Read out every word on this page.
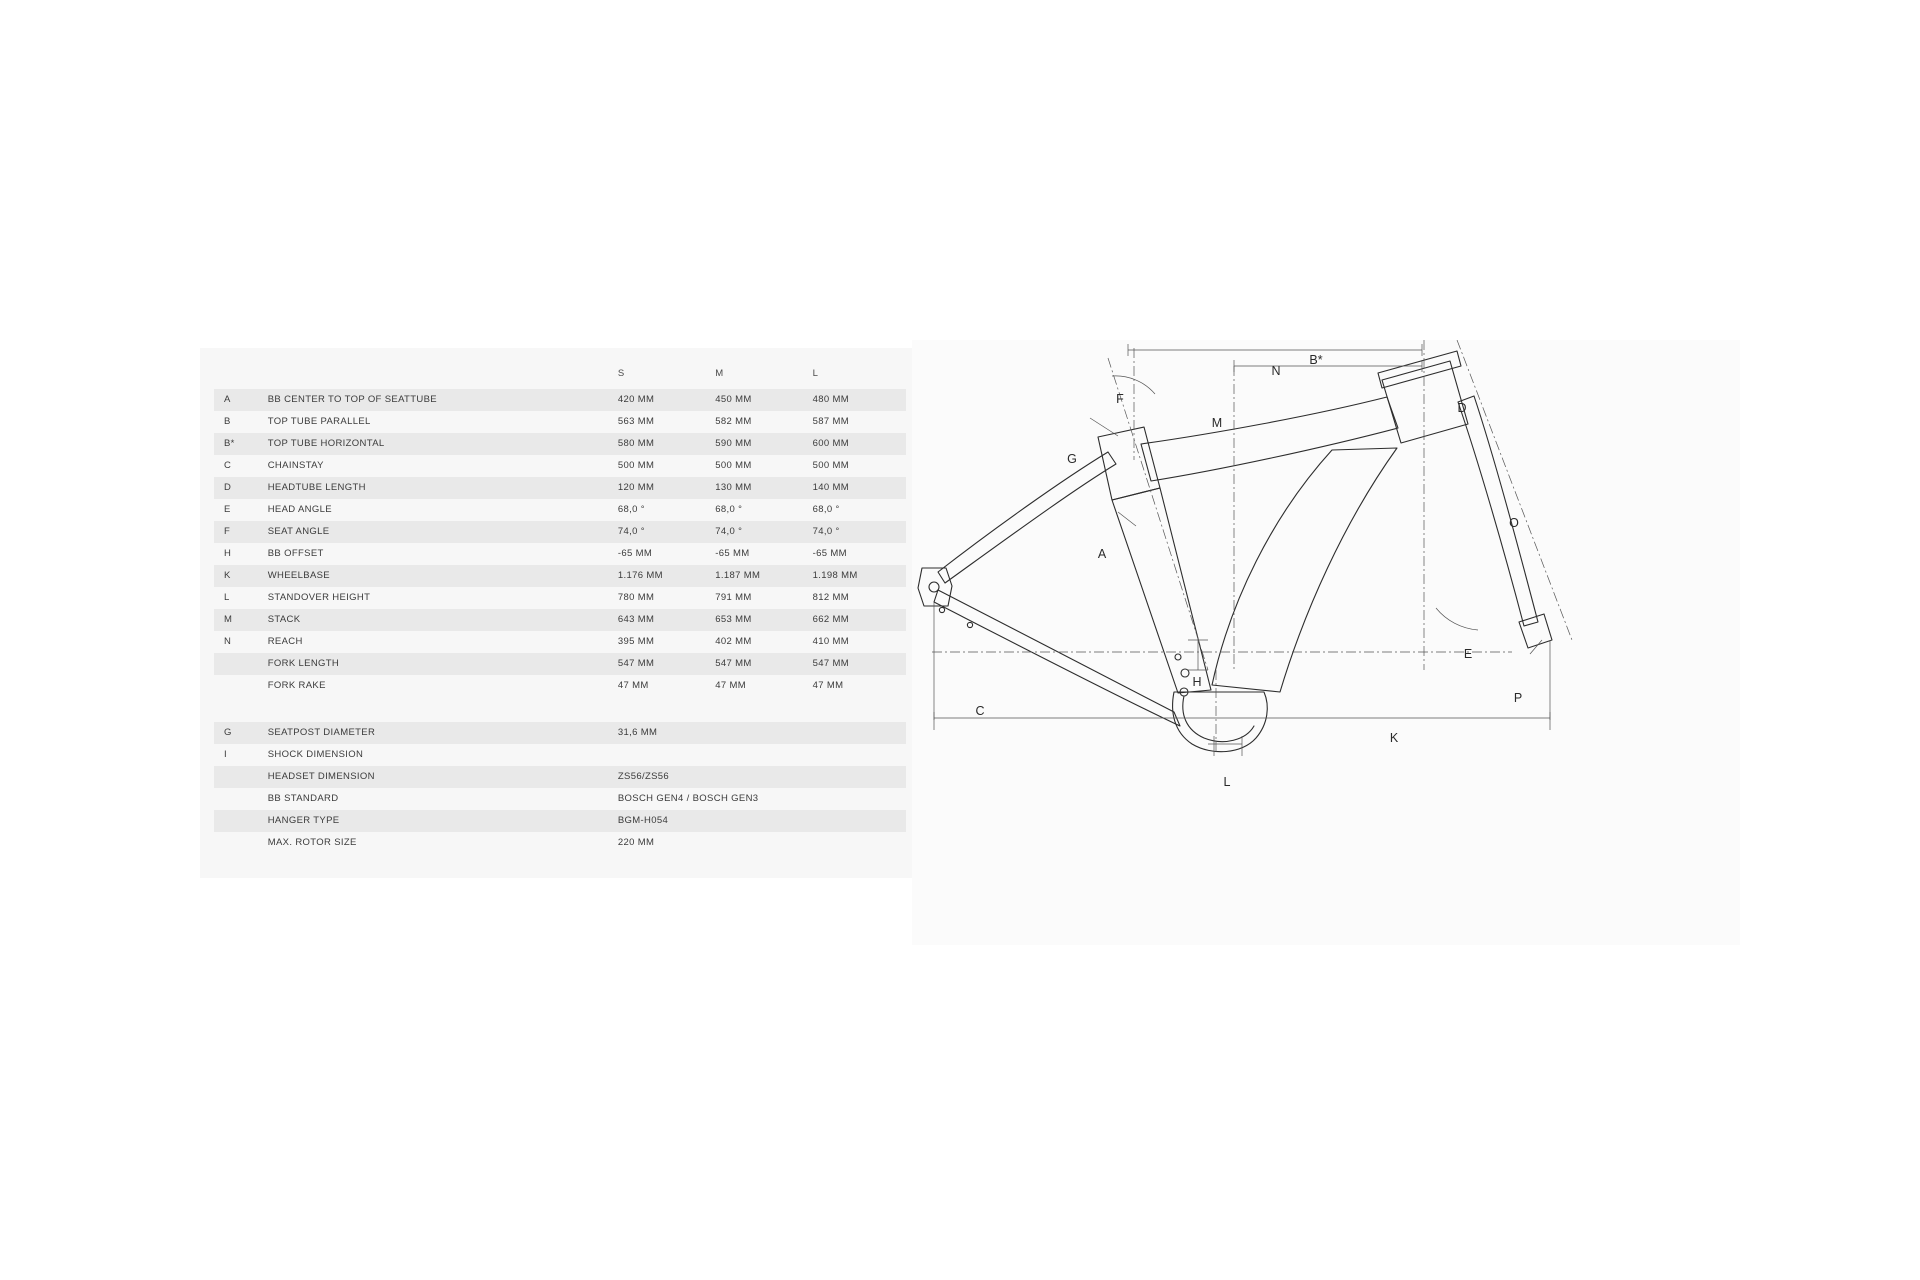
		S	M	L
A	BB CENTER TO TOP OF SEATTUBE	420 MM	450 MM	480 MM
B	TOP TUBE PARALLEL	563 MM	582 MM	587 MM
B*	TOP TUBE HORIZONTAL	580 MM	590 MM	600 MM
C	CHAINSTAY	500 MM	500 MM	500 MM
D	HEADTUBE LENGTH	120 MM	130 MM	140 MM
E	HEAD ANGLE	68,0 °	68,0 °	68,0 °
F	SEAT ANGLE	74,0 °	74,0 °	74,0 °
H	BB OFFSET	-65 MM	-65 MM	-65 MM
K	WHEELBASE	1.176 MM	1.187 MM	1.198 MM
L	STANDOVER HEIGHT	780 MM	791 MM	812 MM
M	STACK	643 MM	653 MM	662 MM
N	REACH	395 MM	402 MM	410 MM
	FORK LENGTH	547 MM	547 MM	547 MM
	FORK RAKE	47 MM	47 MM	47 MM

G	SEATPOST DIAMETER	31,6 MM		
I	SHOCK DIMENSION			
	HEADSET DIMENSION	ZS56/ZS56		
	BB STANDARD	BOSCH GEN4 / BOSCH GEN3		
	HANGER TYPE	BGM-H054		
	MAX. ROTOR SIZE	220 MM		
A
B*
C
D
E
F
G
H
K
L
M
N
O
P
